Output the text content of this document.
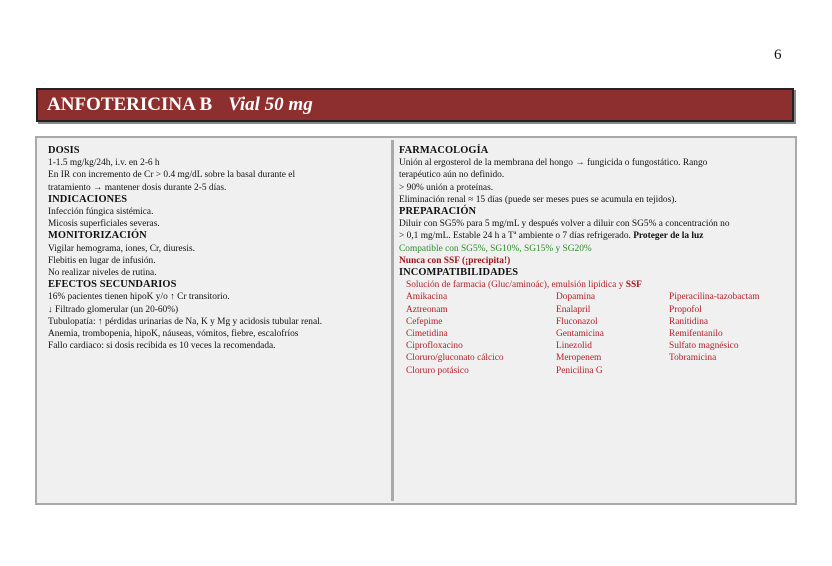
6
ANFOTERICINA B Vial 50 mg
DOSIS
1-1.5 mg/kg/24h, i.v. en 2-6 h
En IR con incremento de Cr > 0.4 mg/dL sobre la basal durante el
tratamiento → mantener dosis durante 2-5 días.
INDICACIONES
Infección fúngica sistémica.
Micosis superficiales severas.
MONITORIZACIÓN
Vigilar hemograma, iones, Cr, diuresis.
Flebitis en lugar de infusión.
No realizar niveles de rutina.
EFECTOS SECUNDARIOS
16% pacientes tienen hipoK y/o ↑ Cr transitorio.
↓ Filtrado glomerular (un 20-60%)
Tubulopatía: ↑ pérdidas urinarias de Na, K y Mg y acidosis tubular renal.
Anemia, trombopenia, hipoK, náuseas, vómitos, fiebre, escalofríos
Fallo cardiaco: si dosis recibida es 10 veces la recomendada.
FARMACOLOGÍA
Unión al ergosterol de la membrana del hongo → fungicida o fungostático. Rango
terapéutico aún no definido.
> 90% unión a proteínas.
Eliminación renal ≈ 15 días (puede ser meses pues se acumula en tejidos).
PREPARACIÓN
Diluir con SG5% para 5 mg/mL y después volver a diluir con SG5% a concentración no
> 0,1 mg/mL. Estable 24 h a Tª ambiente o 7 días refrigerado. Proteger de la luz
Compatible con SG5%, SG10%, SG15% y SG20%
Nunca con SSF (¡precipita!)
INCOMPATIBILIDADES
Solución de farmacia (Gluc/aminoác), emulsión lipídica y SSF
Amikacina
Aztreonam
Cefepime
Cimetidina
Ciprofloxacino
Cloruro/gluconato cálcico
Cloruro potásico
Dopamina
Enalapril
Fluconazol
Gentamicina
Linezolid
Meropenem
Penicilina G
Piperacilina-tazobactam
Propofol
Ranitidina
Remifentanilo
Sulfato magnésico
Tobramicina
